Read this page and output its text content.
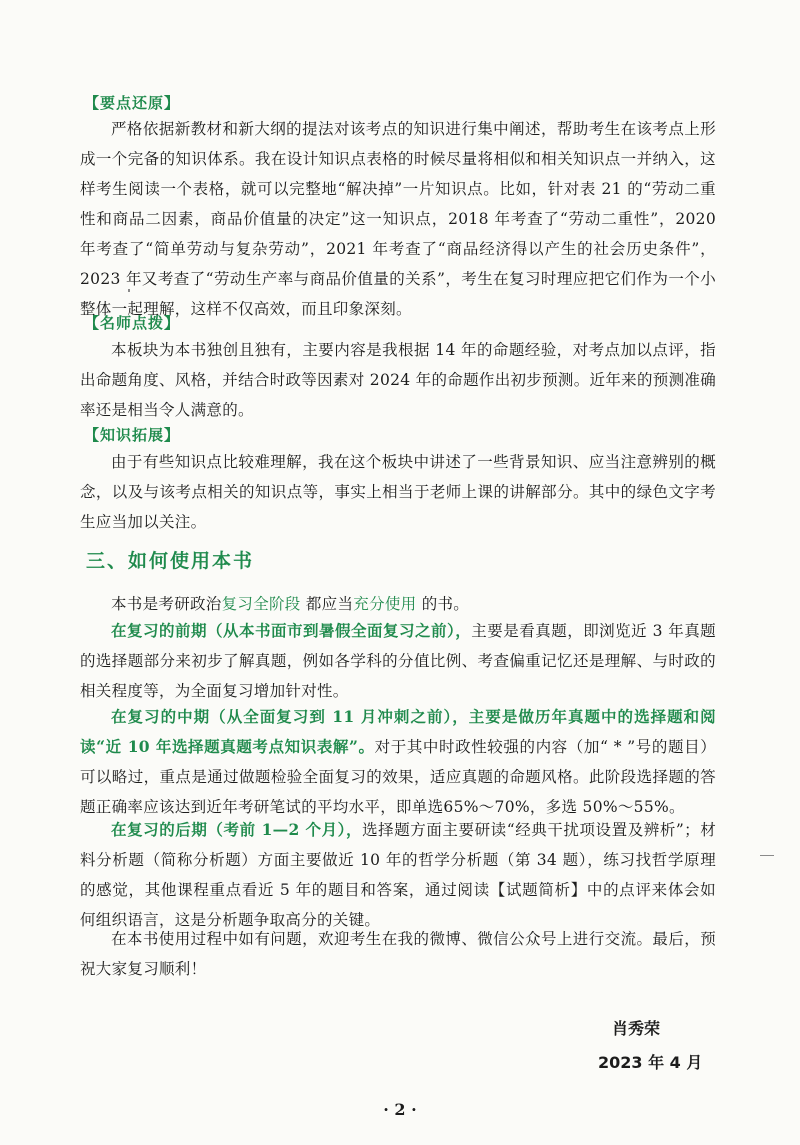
【要点还原】
严格依据新教材和新大纲的提法对该考点的知识进行集中阐述，帮助考生在该考点上形成一个完备的知识体系。我在设计知识点表格的时候尽量将相似和相关知识点一并纳入，这样考生阅读一个表格，就可以完整地“解决掉”一片知识点。比如，针对表 21 的“劳动二重性和商品二因素，商品价值量的决定”这一知识点，2018 年考查了“劳动二重性”，2020 年考查了“简单劳动与复杂劳动”，2021 年考查了“商品经济得以产生的社会历史条件”，2023 年又考查了“劳动生产率与商品价值量的关系”，考生在复习时理应把它们作为一个小整体一起理解，这样不仅高效，而且印象深刻。
【名师点拨】
本板块为本书独创且独有，主要内容是我根据 14 年的命题经验，对考点加以点评，指出命题角度、风格，并结合时政等因素对 2024 年的命题作出初步预测。近年来的预测准确率还是相当令人满意的。
【知识拓展】
由于有些知识点比较难理解，我在这个板块中讲述了一些背景知识、应当注意辨别的概念，以及与该考点相关的知识点等，事实上相当于老师上课的讲解部分。其中的绿色文字考生应当加以关注。
三、如何使用本书
本书是考研政治复习全阶段 都应当充分使用 的书。
在复习的前期（从本书面市到暑假全面复习之前），主要是看真题，即浏览近 3 年真题的选择题部分来初步了解真题，例如各学科的分值比例、考查偏重记忆还是理解、与时政的相关程度等，为全面复习增加针对性。
在复习的中期（从全面复习到 11 月冲刺之前），主要是做历年真题中的选择题和阅读“近 10 年选择题真题考点知识表解”。对于其中时政性较强的内容（加“ * ”号的题目）可以略过，重点是通过做题检验全面复习的效果，适应真题的命题风格。此阶段选择题的答题正确率应该达到近年考研笔试的平均水平，即单选65%～70%，多选 50%～55%。
在复习的后期（考前 1—2 个月），选择题方面主要研读“经典干扰项设置及辨析”；材料分析题（简称分析题）方面主要做近 10 年的哲学分析题（第 34 题），练习找哲学原理的感觉，其他课程重点看近 5 年的题目和答案，通过阅读【试题简析】中的点评来体会如何组织语言，这是分析题争取高分的关键。
在本书使用过程中如有问题，欢迎考生在我的微博、微信公众号上进行交流。最后，预祝大家复习顺利！
肖秀荣
2023 年 4 月
· 2 ·
